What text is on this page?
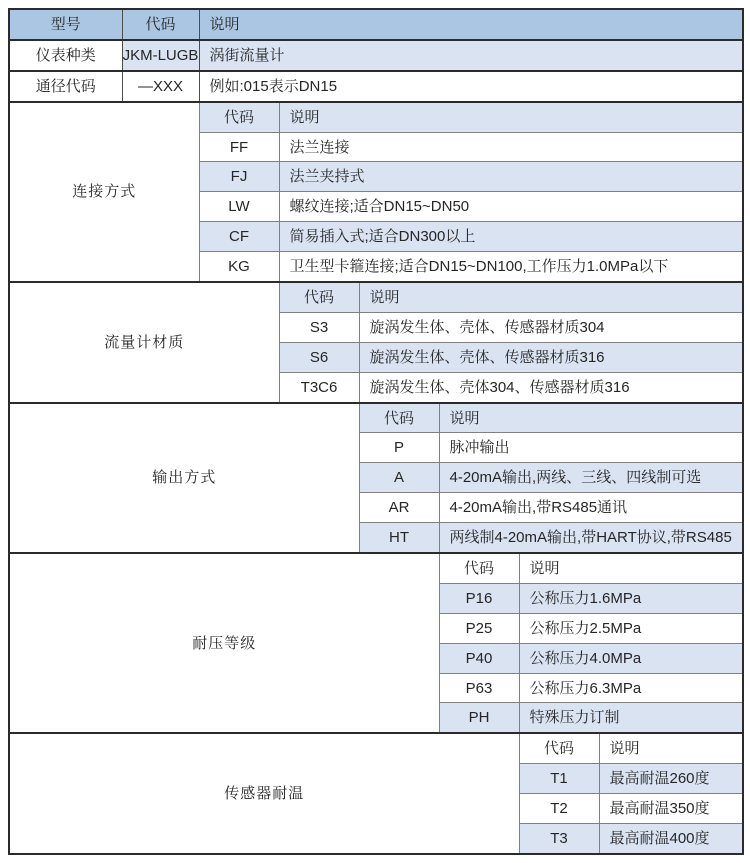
型号	代码	说明					
仪表种类	JKM-LUGB	涡街流量计					
通径代码	—XXX	例如:015表示DN15					
连接方式		代码	说明				
		FF	法兰连接				
		FJ	法兰夹持式				
		LW	螺纹连接;适合DN15~DN50				
		CF	简易插入式;适合DN300以上				
		KG	卫生型卡箍连接;适合DN15~DN100,工作压力1.0MPa以下				
流量计材质			代码	说明			
			S3	旋涡发生体、壳体、传感器材质304			
			S6	旋涡发生体、壳体、传感器材质316			
			T3C6	旋涡发生体、壳体304、传感器材质316			
输出方式				代码	说明		
				P	脉冲输出		
				A	4-20mA输出,两线、三线、四线制可选		
				AR	4-20mA输出,带RS485通讯		
				HT	两线制4-20mA输出,带HART协议,带RS485		
耐压等级					代码	说明	
					P16	公称压力1.6MPa	
					P25	公称压力2.5MPa	
					P40	公称压力4.0MPa	
					P63	公称压力6.3MPa	
					PH	特殊压力订制	
传感器耐温						代码	说明
						T1	最高耐温260度
						T2	最高耐温350度
						T3	最高耐温400度
